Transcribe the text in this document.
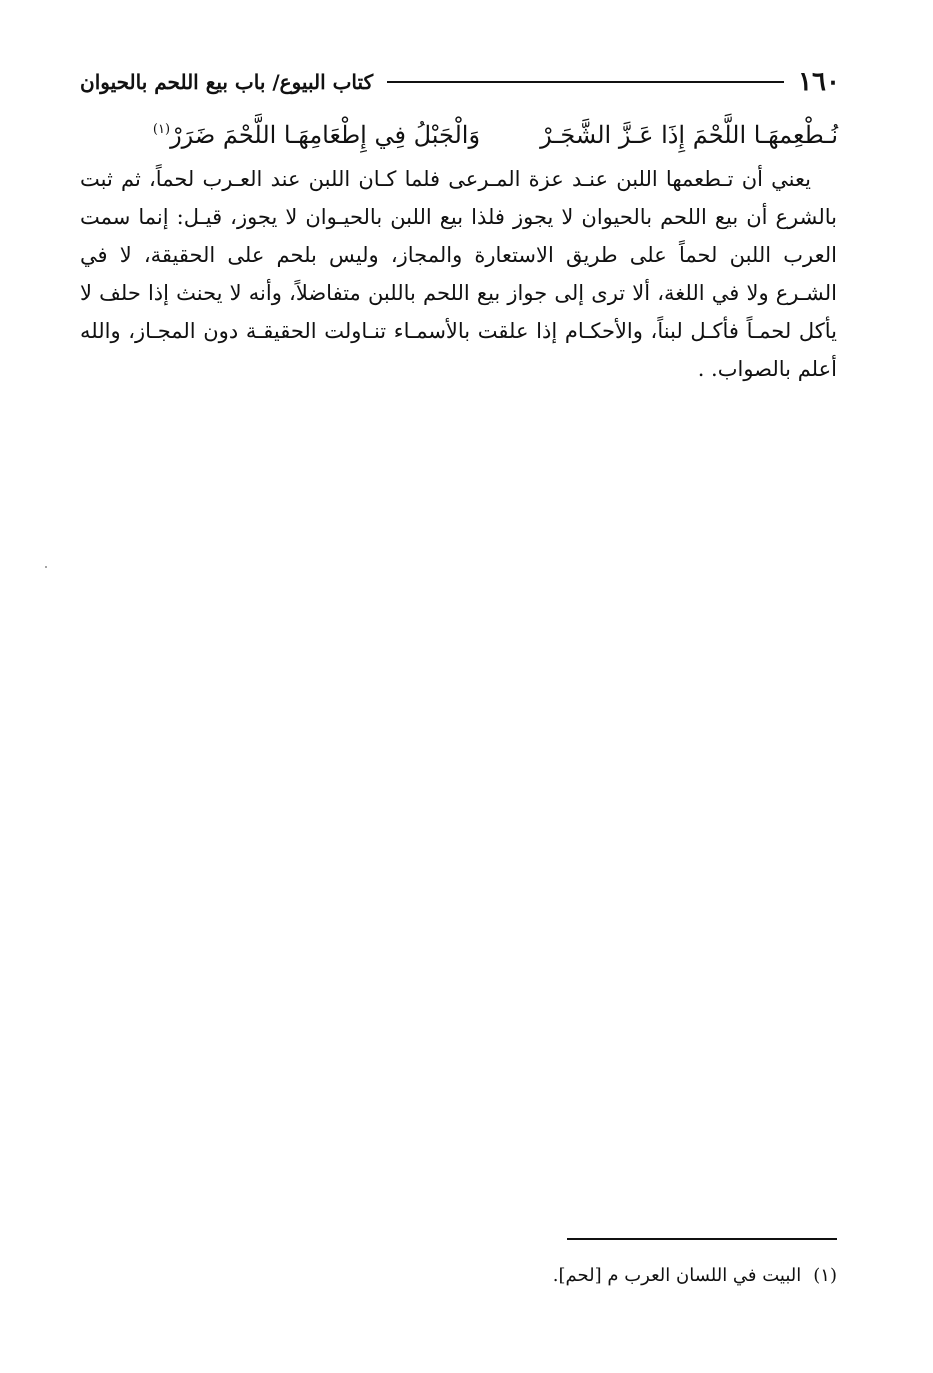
١٦٠
كتاب البيوع/ باب بيع اللحم بالحيوان
نُـطْعِمهَـا اللَّحْمَ إِذَا عَـزَّ الشَّجَـرْ
وَالْجَبْلُ فِي إِطْعَامِهَـا اللَّحْمَ ضَرَرْ$^{(١)}$

يعني أن تـطعمها اللبن عنـد عزة المـرعى فلما كـان اللبن عند العـرب لحماً، ثم ثبت بالشرع أن بيع اللحم بالحيوان لا يجوز فلذا بيع اللبن بالحيـوان لا يجوز، قيـل: إنما سمت العرب اللبن لحماً على طريق الاستعارة والمجاز، وليس بلحم على الحقيقة، لا في الشـرع ولا في اللغة، ألا ترى إلى جواز بيع اللحم باللبن متفاضلاً، وأنه لا يحنث إذا حلف لا يأكل لحمـاً فأكـل لبناً، والأحكـام إذا علقت بالأسمـاء تنـاولت الحقيقـة دون المجـاز، والله أعلم بالصواب. .

(١)البيت في اللسان العرب م [لحم].
